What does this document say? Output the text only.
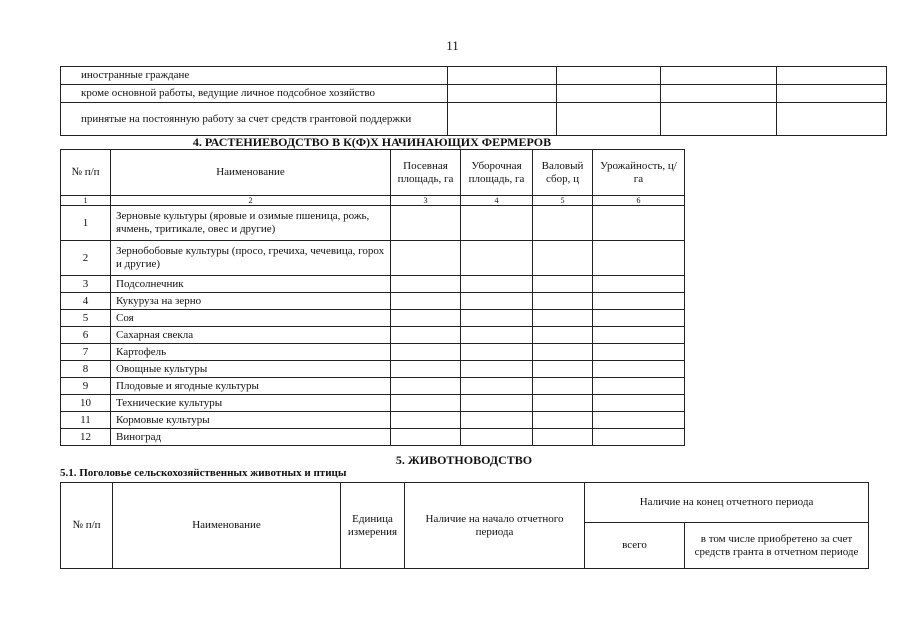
11
иностранные граждане				
кроме основной работы, ведущие личное подсобное хозяйство				
принятые на постоянную работу за счет средств грантовой поддержки				
4. РАСТЕНИЕВОДСТВО В К(Ф)Х НАЧИНАЮЩИХ ФЕРМЕРОВ
№ п/п	Наименование	Посевная площадь, га	Уборочная площадь, га	Валовый сбор, ц	Урожайность, ц/га
1	2	3	4	5	6
1	Зерновые культуры (яровые и озимые пшеница, рожь, ячмень, тритикале, овес и другие)				
2	Зернобобовые культуры (просо, гречиха, чечевица, горох и другие)				
3	Подсолнечник				
4	Кукуруза на зерно				
5	Соя				
6	Сахарная свекла				
7	Картофель				
8	Овощные культуры				
9	Плодовые и ягодные культуры				
10	Технические культуры				
11	Кормовые культуры				
12	Виноград				
5. ЖИВОТНОВОДСТВО
5.1. Поголовье сельскохозяйственных животных и птицы
№ п/п	Наименование	Единица измерения	Наличие на начало отчетного периода	Наличие на конец отчетного периода	
				всего	в том числе приобретено за счет средств гранта в отчетном периоде
